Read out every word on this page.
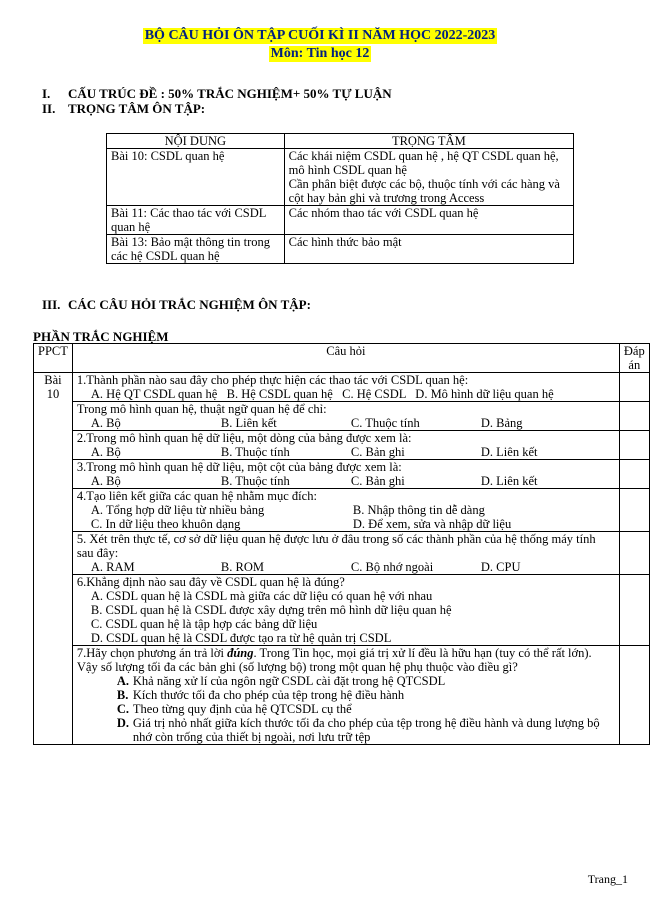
BỘ CÂU HỎI ÔN TẬP CUỐI KÌ II NĂM HỌC 2022-2023
Môn: Tin học 12
I. CẤU TRÚC ĐỀ : 50% TRẮC NGHIỆM+ 50% TỰ LUẬN
II. TRỌNG TÂM ÔN TẬP:
NỘI DUNG	TRỌNG TÂM
Bài 10: CSDL quan hệ	Các khái niệm CSDL quan hệ , hệ QT CSDL quan hệ, mô hình CSDL quan hệ
Cần phân biệt được các bộ, thuộc tính với các hàng và cột hay bản ghi và trương trong Access

Bài 11: Các thao tác với CSDL quan hệ	Các nhóm thao tác với CSDL quan hệ
Bài 13: Bảo mật thông tin trong các hệ CSDL quan hệ	Các hình thức bảo mật
III. CÁC CÂU HỎI TRẮC NGHIỆM ÔN TẬP:
PHẦN TRẮC NGHIỆM
PPCT	Câu hỏi	Đáp án
Bài 10	1.Thành phần nào sau đây cho phép thực hiện các thao tác với CSDL quan hệ:
A. Hệ QT CSDL quan hệ   B. Hệ CSDL quan hệ   C. Hệ CSDL   D. Mô hình dữ liệu quan hệ	

	Trong mô hình quan hệ, thuật ngữ quan hệ để chỉ:
A. Bộ B. Liên kết C. Thuộc tính D. Bảng	

	2.Trong mô hình quan hệ dữ liệu, một dòng của bảng được xem là:
A. Bộ B. Thuộc tính C. Bản ghi D. Liên kết	

	3.Trong mô hình quan hệ dữ liệu, một cột của bảng được xem là:
A. Bộ B. Thuộc tính C. Bản ghi D. Liên kết	

	4.Tạo liên kết giữa các quan hệ nhằm mục đích:
A. Tổng hợp dữ liệu từ nhiều bảng B. Nhập thông tin dễ dàng
C. In dữ liệu theo khuôn dạng D. Để xem, sửa và nhập dữ liệu	

	5. Xét trên thực tế, cơ sở dữ liệu quan hệ được lưu ở đâu trong số các thành phần của hệ thống máy tính sau đây:
A. RAM B. ROM C. Bộ nhớ ngoài D. CPU	

	6.Khẳng định nào sau đây về CSDL quan hệ là đúng?
A. CSDL quan hệ là CSDL mà giữa các dữ liệu có quan hệ với nhau
B. CSDL quan hệ là CSDL được xây dựng trên mô hình dữ liệu quan hệ
C. CSDL quan hệ là tập hợp các bảng dữ liệu
D. CSDL quan hệ là CSDL được tạo ra từ hệ quản trị CSDL	

	7.Hãy chọn phương án trả lời đúng. Trong Tin học, mọi giá trị xử lí đều là hữu hạn (tuy có thể rất lớn). Vậy số lượng tối đa các bản ghi (số lượng bộ) trong một quan hệ phụ thuộc vào điều gì?
A. Khả năng xử lí của ngôn ngữ CSDL cài đặt trong hệ QTCSDL
B. Kích thước tối đa cho phép của tệp trong hệ điều hành
C. Theo từng quy định của hệ QTCSDL cụ thể
D. Giá trị nhỏ nhất giữa kích thước tối đa cho phép của tệp trong hệ điều hành và dung lượng bộ nhớ còn trống của thiết bị ngoài, nơi lưu trữ tệp	

Trang_1
